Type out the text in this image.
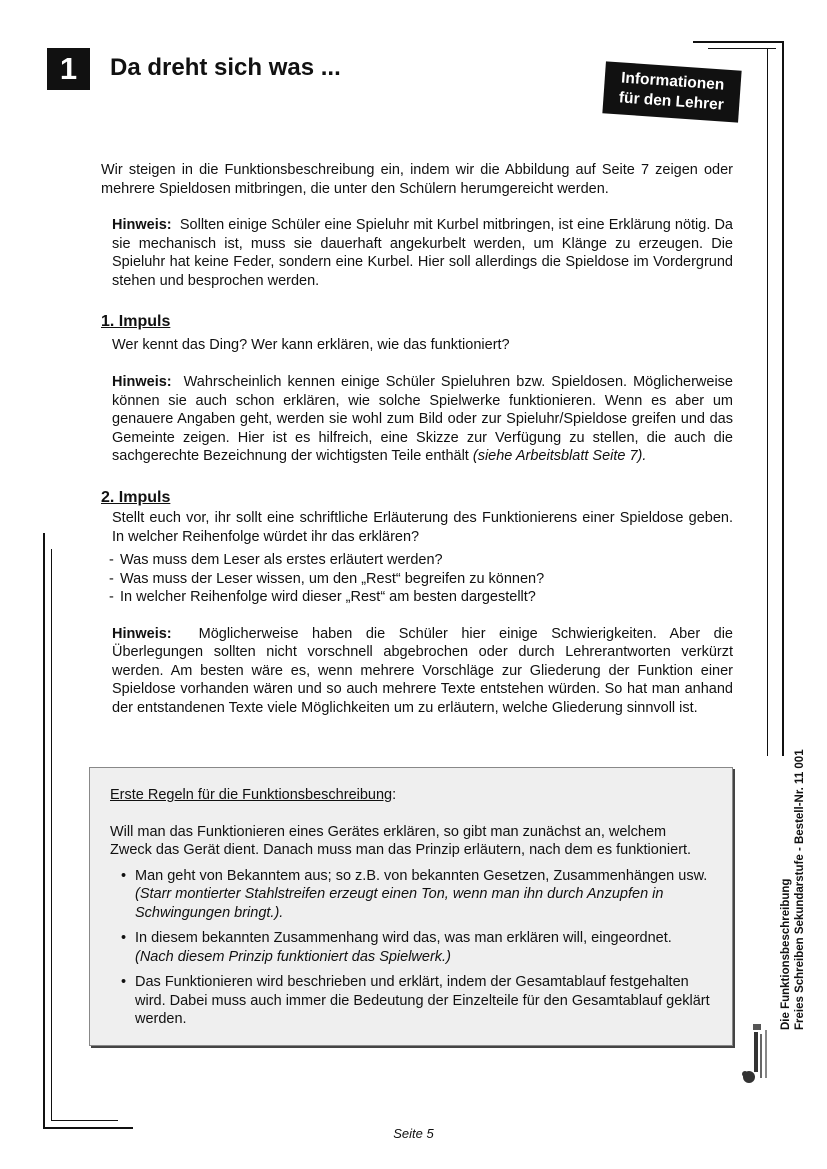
1	Da dreht sich was ...
Informationen
für den Lehrer

Wir steigen in die Funktionsbeschreibung ein, indem wir die Abbildung auf Seite 7 zeigen oder mehrere Spieldosen mitbringen, die unter den Schülern herumgereicht werden.

Hinweis: Sollten einige Schüler eine Spieluhr mit Kurbel mitbringen, ist eine Erklärung nötig. Da sie mechanisch ist, muss sie dauerhaft angekurbelt werden, um Klänge zu erzeugen. Die Spieluhr hat keine Feder, sondern eine Kurbel. Hier soll allerdings die Spieldose im Vordergrund stehen und besprochen werden.

1. Impuls

Wer kennt das Ding? Wer kann erklären, wie das funktioniert?

Hinweis: Wahrscheinlich kennen einige Schüler Spieluhren bzw. Spieldosen. Möglicherweise können sie auch schon erklären, wie solche Spielwerke funktionieren. Wenn es aber um genauere Angaben geht, werden sie wohl zum Bild oder zur Spieluhr/Spieldose greifen und das Gemeinte zeigen. Hier ist es hilfreich, eine Skizze zur Verfügung zu stellen, die auch die sachgerechte Bezeichnung der wichtigsten Teile enthält (siehe Arbeitsblatt Seite 7).

2. Impuls

Stellt euch vor, ihr sollt eine schriftliche Erläuterung des Funktionierens einer Spieldose geben. In welcher Reihenfolge würdet ihr das erklären?

- Was muss dem Leser als erstes erläutert werden?

- Was muss der Leser wissen, um den „Rest“ begreifen zu können?

- In welcher Reihenfolge wird dieser „Rest“ am besten dargestellt?

Hinweis: Möglicherweise haben die Schüler hier einige Schwierigkeiten. Aber die Überlegungen sollten nicht vorschnell abgebrochen oder durch Lehrerantworten verkürzt werden. Am besten wäre es, wenn mehrere Vorschläge zur Gliederung der Funktion einer Spieldose vorhanden wären und so auch mehrere Texte entstehen würden. So hat man anhand der entstandenen Texte viele Möglichkeiten um zu erläutern, welche Gliederung sinnvoll ist.

Erste Regeln für die Funktionsbeschreibung:

Will man das Funktionieren eines Gerätes erklären, so gibt man zunächst an, welchem Zweck das Gerät dient. Danach muss man das Prinzip erläutern, nach dem es funktioniert.

• Man geht von Bekanntem aus; so z.B. von bekannten Gesetzen, Zusammenhängen usw. (Starr montierter Stahlstreifen erzeugt einen Ton, wenn man ihn durch Anzupfen in Schwingungen bringt.).

• In diesem bekannten Zusammenhang wird das, was man erklären will, eingeordnet. (Nach diesem Prinzip funktioniert das Spielwerk.)

• Das Funktionieren wird beschrieben und erklärt, indem der Gesamtablauf festgehalten wird. Dabei muss auch immer die Bedeutung der Einzelteile für den Gesamtablauf geklärt werden.	Die Funktionsbeschreibung Freies Schreiben Sekundarstufe - Bestell-Nr. 11 001
Seite 5
